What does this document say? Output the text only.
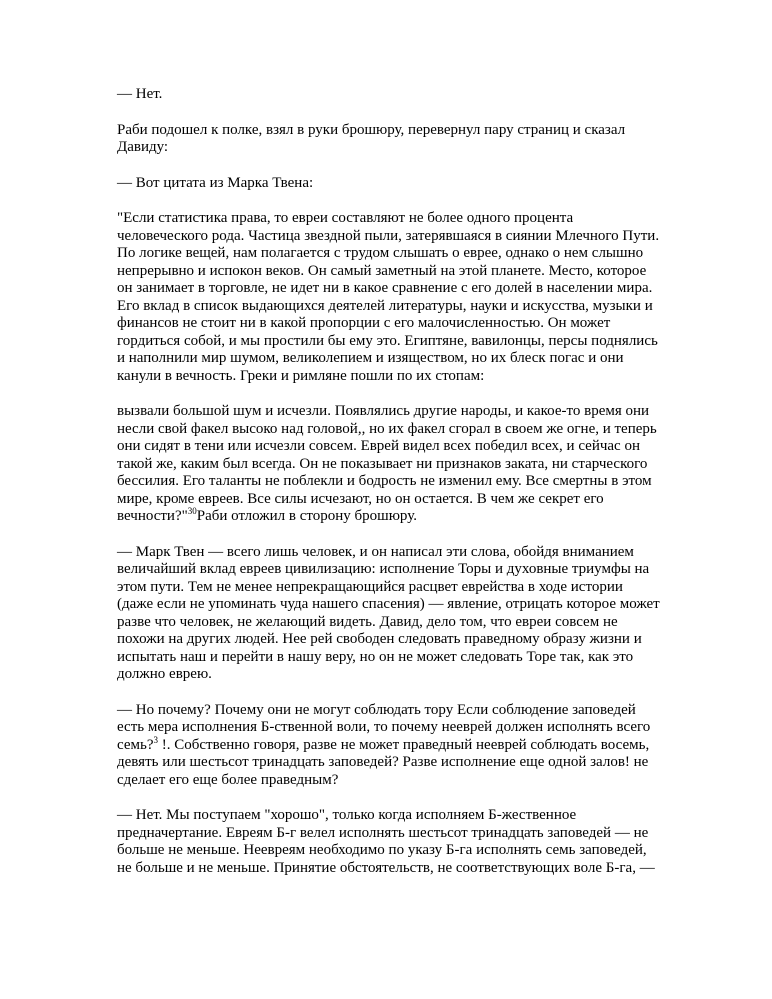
— Нет.

Раби подошел к полке, взял в руки брошюру, перевернул пару страниц и сказал Давиду:

— Вот цитата из Марка Твена:

"Если статистика права, то евреи составляют не более одного процента человеческого рода. Частица звездной пыли, затерявшаяся в сиянии Млечного Пути. По логике вещей, нам полагается с трудом слышать о еврее, однако о нем слышно непрерывно и испокон веков. Он самый заметный на этой планете. Место, которое он занимает в торговле, не идет ни в какое сравнение с его долей в населении мира. Его вклад в список выдающихся деятелей литературы, науки и искусства, музыки и финансов не стоит ни в какой пропорции с его малочисленностью. Он может гордиться собой, и мы простили бы ему это. Египтяне, вавилонцы, персы поднялись и наполнили мир шумом, великолепием и изяществом, но их блеск погас и они канули в вечность. Греки и римляне пошли по их стопам:

вызвали большой шум и исчезли. Появлялись другие народы, и какое-то время они несли свой факел высоко над головой,, но их факел сгорал в своем же огне, и теперь они сидят в тени или исчезли совсем. Еврей видел всех победил всех, и сейчас он такой же, каким был всегда. Он не показывает ни признаков заката, ни старческого бессилия. Его таланты не поблекли и бодрость не изменил ему. Все смертны в этом мире, кроме евреев. Все силы исчезают, но он остается. В чем же секрет его вечности?"$^{30}$Раби отложил в сторону брошюру.

— Марк Твен — всего лишь человек, и он написал эти слова, обойдя вниманием величайший вклад евреев цивилизацию: исполнение Торы и духовные триумфы на этом пути. Тем не менее непрекращающийся расцвет еврейства в ходе истории (даже если не упоминать чуда нашего спасения) — явление, отрицать которое может разве что человек, не желающий видеть. Давид, дело том, что евреи совсем не похожи на других людей. Нее рей свободен следовать праведному образу жизни и испытать наш и перейти в нашу веру, но он не может следовать Торе так, как это должно еврею.

— Но почему? Почему они не могут соблюдать тору Если соблюдение заповедей есть мера исполнения Б-ственной воли, то почему нееврей должен исполнять всего семь?$^3$ !. Собственно говоря, разве не может праведный нееврей соблюдать восемь, девять или шестьсот тринадцать заповедей? Разве исполнение еще одной залов! не сделает его еще более праведным?

— Нет. Мы поступаем "хорошо", только когда исполняем Б-жественное предначертание. Евреям Б-г велел исполнять шестьсот тринадцать заповедей — не больше не меньше. Неевреям необходимо по указу Б-га исполнять семь заповедей, не больше и не меньше. Принятие обстоятельств, не соответствующих воле Б-га, —
